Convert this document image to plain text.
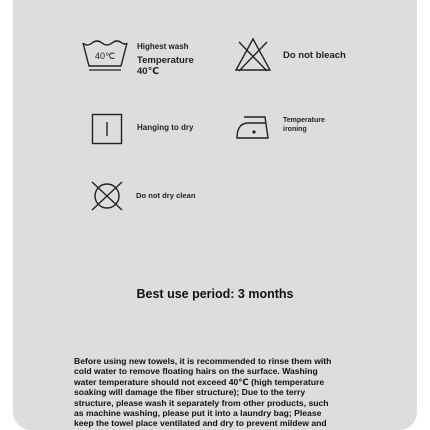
40℃
Highest wash
Temperature
40℃
Do not bleach
Hanging to dry
Temperature
ironing
Do not dry clean
Best use period: 3 months
Before using new towels, it is recommended to rinse them with
cold water to remove floating hairs on the surface. Washing
water temperature should not exceed 40℃ (high temperature
soaking will damage the fiber structure); Due to the terry
structure, please wash it separately from other products, such
as machine washing, please put it into a laundry bag; Please
keep the towel place ventilated and dry to prevent mildew and
